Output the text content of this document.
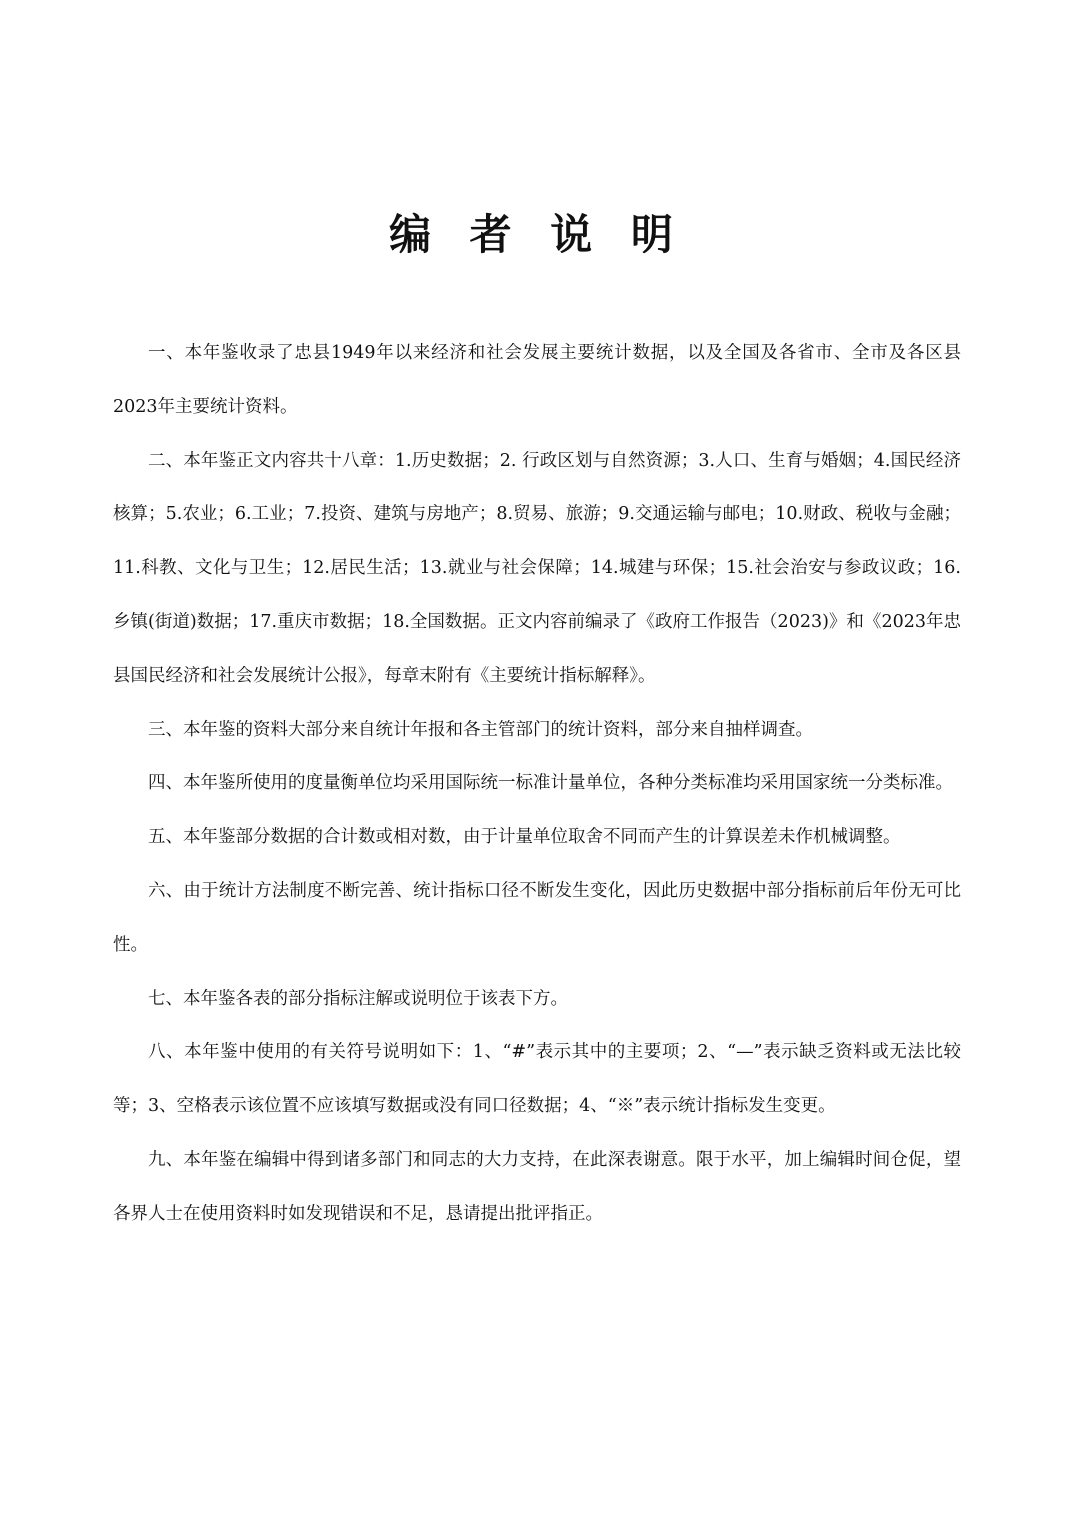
编 者 说 明

一、本年鉴收录了忠县1949年以来经济和社会发展主要统计数据，以及全国及各省市、全市及各区县2023年主要统计资料。

二、本年鉴正文内容共十八章：1.历史数据；2. 行政区划与自然资源；3.人口、生育与婚姻；4.国民经济核算；5.农业；6.工业；7.投资、建筑与房地产；8.贸易、旅游；9.交通运输与邮电；10.财政、税收与金融；11.科教、文化与卫生；12.居民生活；13.就业与社会保障；14.城建与环保；15.社会治安与参政议政；16.乡镇(街道)数据；17.重庆市数据；18.全国数据。正文内容前编录了《政府工作报告（2023)》和《2023年忠县国民经济和社会发展统计公报》，每章末附有《主要统计指标解释》。

三、本年鉴的资料大部分来自统计年报和各主管部门的统计资料，部分来自抽样调查。

四、本年鉴所使用的度量衡单位均采用国际统一标准计量单位，各种分类标准均采用国家统一分类标准。

五、本年鉴部分数据的合计数或相对数，由于计量单位取舍不同而产生的计算误差未作机械调整。

六、由于统计方法制度不断完善、统计指标口径不断发生变化，因此历史数据中部分指标前后年份无可比性。

七、本年鉴各表的部分指标注解或说明位于该表下方。

八、本年鉴中使用的有关符号说明如下：1、“#”表示其中的主要项；2、“—”表示缺乏资料或无法比较等；3、空格表示该位置不应该填写数据或没有同口径数据；4、“※”表示统计指标发生变更。

九、本年鉴在编辑中得到诸多部门和同志的大力支持，在此深表谢意。限于水平，加上编辑时间仓促，望各界人士在使用资料时如发现错误和不足，恳请提出批评指正。
